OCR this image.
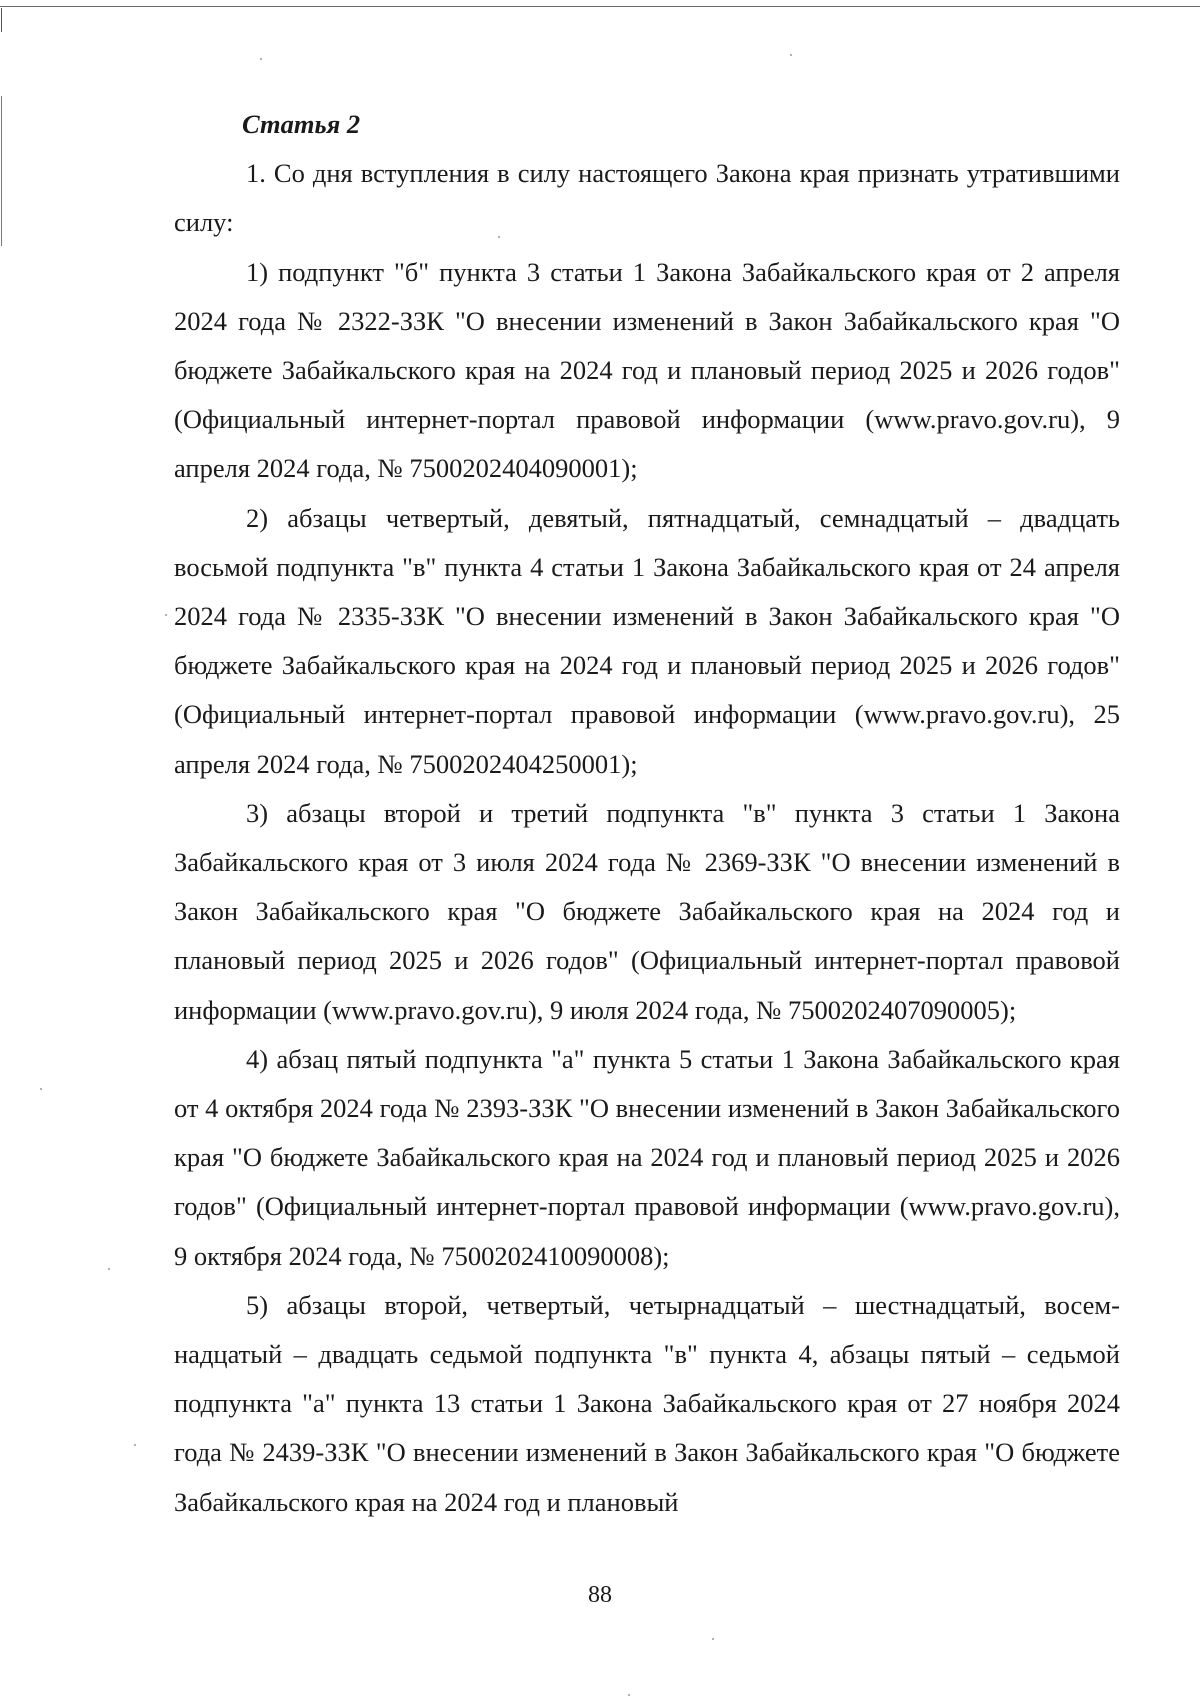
Статья 2

1. Со дня вступления в силу настоящего Закона края признать утратившими силу:

1) подпункт "б" пункта 3 статьи 1 Закона Забайкальского края от 2 апреля 2024 года № 2322-ЗЗК "О внесении изменений в Закон Забайкальского края "О бюджете Забайкальского края на 2024 год и плановый период 2025 и 2026 годов" (Официальный интернет-портал правовой информации (www.pravo.gov.ru), 9 апреля 2024 года, № 7500202404090001);

2) абзацы четвертый, девятый, пятнадцатый, семнадцатый – двадцать восьмой подпункта "в" пункта 4 статьи 1 Закона Забайкальского края от 24 апреля 2024 года № 2335-ЗЗК "О внесении изменений в Закон Забайкальского края "О бюджете Забайкальского края на 2024 год и плановый период 2025 и 2026 годов" (Официальный интернет-портал правовой информации (www.pravo.gov.ru), 25 апреля 2024 года, № 7500202404250001);

3) абзацы второй и третий подпункта "в" пункта 3 статьи 1 Закона Забайкальского края от 3 июля 2024 года № 2369-ЗЗК "О внесении изменений в Закон Забайкальского края "О бюджете Забайкальского края на 2024 год и плановый период 2025 и 2026 годов" (Официальный интернет-портал правовой информации (www.pravo.gov.ru), 9 июля 2024 года, № 7500202407090005);

4) абзац пятый подпункта "а" пункта 5 статьи 1 Закона Забайкальского края от 4 октября 2024 года № 2393-ЗЗК "О внесении изменений в Закон Забайкальского края "О бюджете Забайкальского края на 2024 год и плановый период 2025 и 2026 годов" (Официальный интернет-портал правовой информации (www.pravo.gov.ru), 9 октября 2024 года, № 7500202410090008);

5) абзацы второй, четвертый, четырнадцатый – шестнадцатый, восемнадцатый – двадцать седьмой подпункта "в" пункта 4, абзацы пятый – седьмой подпункта "а" пункта 13 статьи 1 Закона Забайкальского края от 27 ноября 2024 года № 2439-ЗЗК "О внесении изменений в Закон Забайкальского края "О бюджете Забайкальского края на 2024 год и плановый

88
